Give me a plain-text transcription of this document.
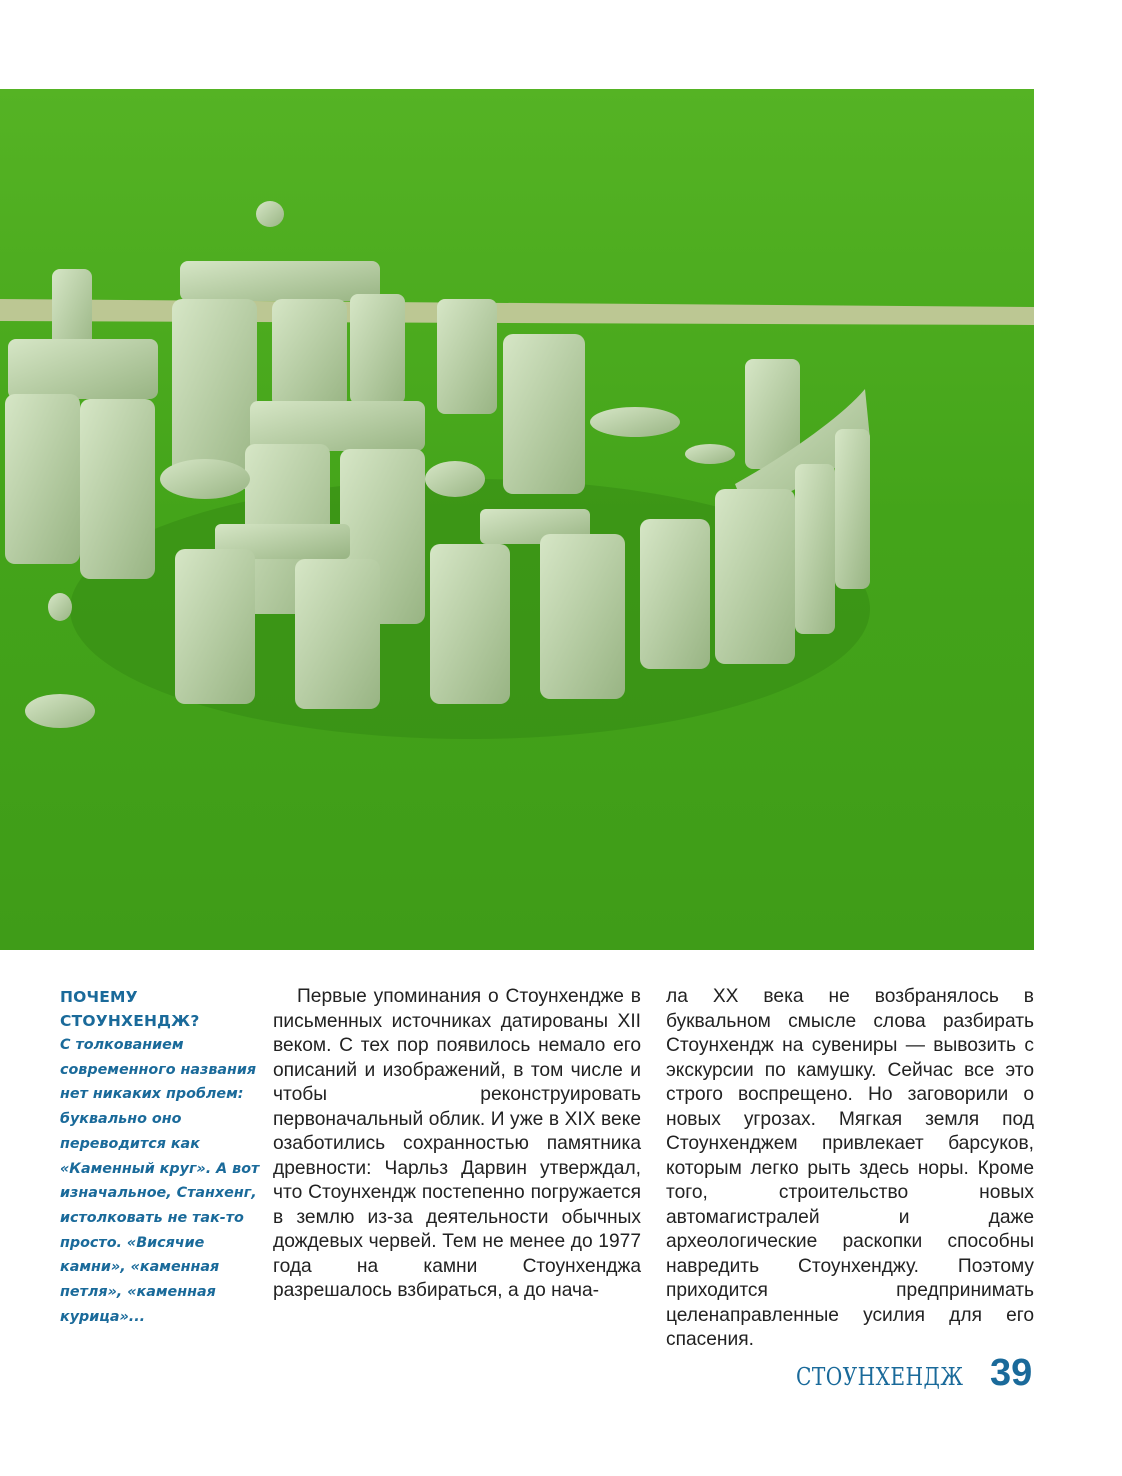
ПОЧЕМУ СТОУНХЕНДЖ?

С толкованием современного названия нет никаких проблем: буквально оно переводится как «Каменный круг». А вот изначальное, Станхенг, истолковать не так-то просто. «Висячие камни», «каменная петля», «каменная курица»...

Первые упоминания о Стоунхендже в письменных источниках датированы XII веком. С тех пор появилось немало его описаний и изображений, в том числе и чтобы реконструировать первоначальный облик. И уже в XIX веке озаботились сохранностью памятника древности: Чарльз Дарвин утверждал, что Стоунхендж постепенно погружается в землю из-за деятельности обычных дождевых червей. Тем не менее до 1977 года на камни Стоунхенджа разрешалось взбираться, а до нача-
ла XX века не возбранялось в буквальном смысле слова разбирать Стоунхендж на сувениры — вывозить с экскурсии по камушку. Сейчас все это строго воспрещено. Но заговорили о новых угрозах. Мягкая земля под Стоунхенджем привлекает барсуков, которым легко рыть здесь норы. Кроме того, строительство новых автомагистралей и даже археологические раскопки способны навредить Стоунхенджу. Поэтому приходится предпринимать целенаправленные усилия для его спасения.
СТОУНХЕНДЖ 39
